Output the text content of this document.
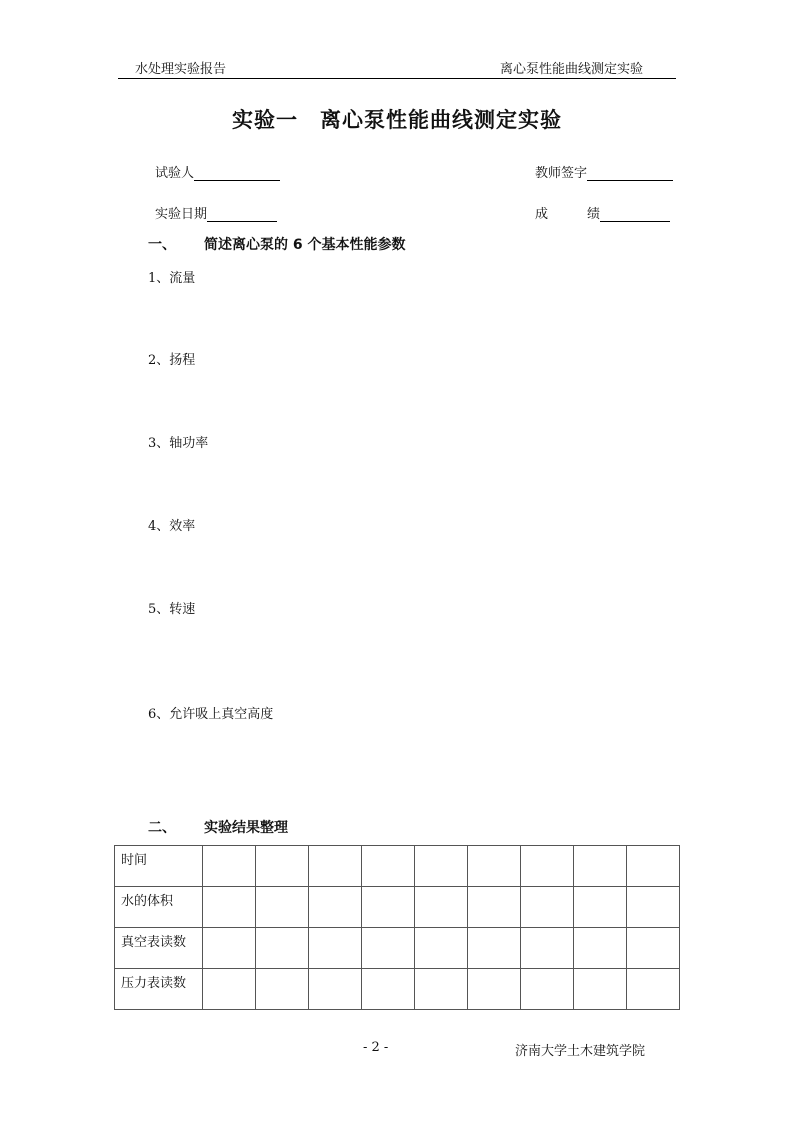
水处理实验报告	离心泵性能曲线测定实验
实验一　离心泵性能曲线测定实验
试验人	教师签字
实验日期	成　　　绩
一、 简述离心泵的 6 个基本性能参数
1、流量
2、扬程
3、轴功率
4、效率
5、转速
6、允许吸上真空高度
二、 实验结果整理
时间									
水的体积									
真空表读数									
压力表读数									
- 2 -	济南大学土木建筑学院
